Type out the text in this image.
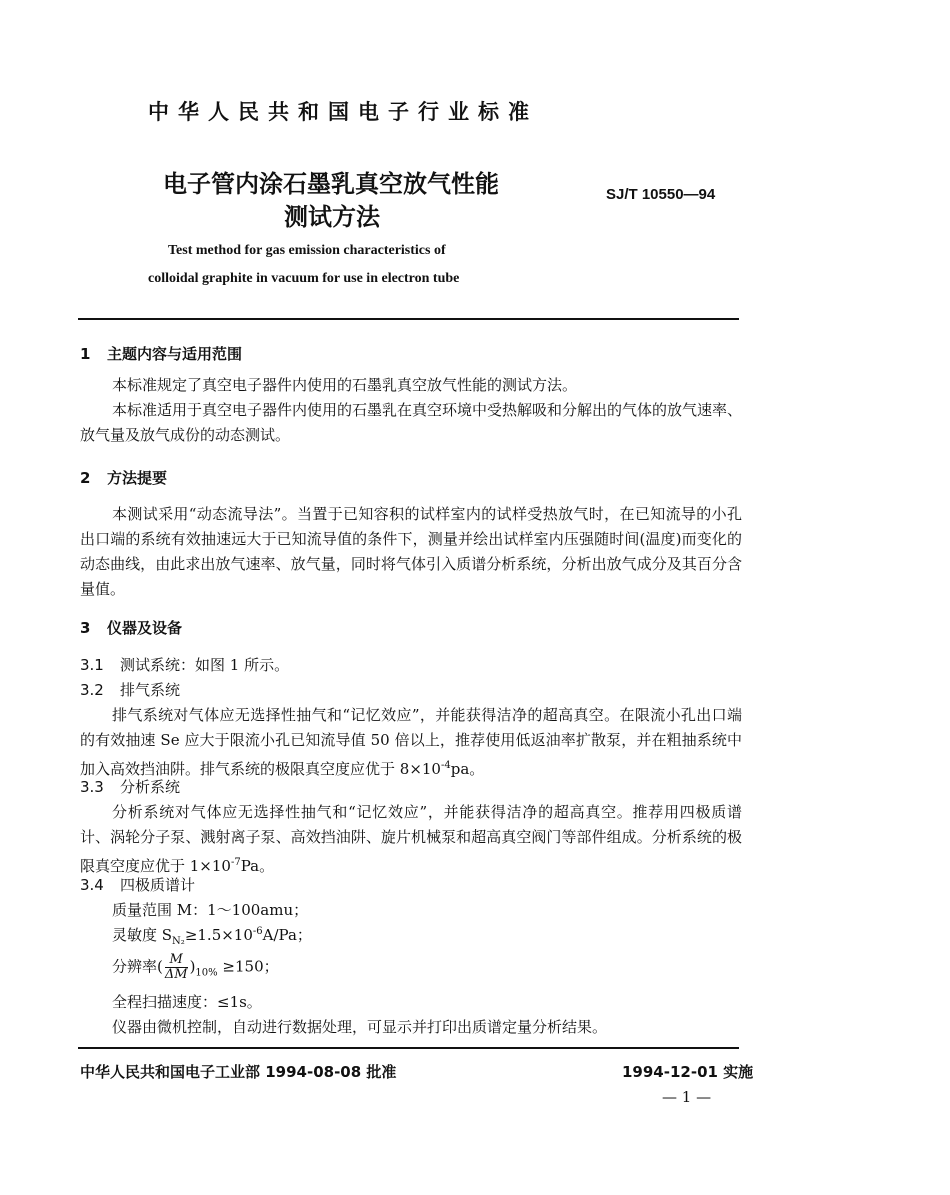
中华人民共和国电子行业标准
电子管内涂石墨乳真空放气性能
测试方法
SJ/T 10550—94
Test method for gas emission characteristics of
colloidal graphite in vacuum for use in electron tube
1 主题内容与适用范围
本标准规定了真空电子器件内使用的石墨乳真空放气性能的测试方法。
本标准适用于真空电子器件内使用的石墨乳在真空环境中受热解吸和分解出的气体的放气速率、放气量及放气成份的动态测试。
2 方法提要
本测试采用“动态流导法”。当置于已知容积的试样室内的试样受热放气时，在已知流导的小孔出口端的系统有效抽速远大于已知流导值的条件下，测量并绘出试样室内压强随时间(温度)而变化的动态曲线，由此求出放气速率、放气量，同时将气体引入质谱分析系统，分析出放气成分及其百分含量值。
3 仪器及设备
3.1 测试系统：如图 1 所示。
3.2 排气系统
排气系统对气体应无选择性抽气和“记忆效应”，并能获得洁净的超高真空。在限流小孔出口端的有效抽速 Se 应大于限流小孔已知流导值 50 倍以上，推荐使用低返油率扩散泵，并在粗抽系统中加入高效挡油阱。排气系统的极限真空度应优于 $8\times 10^{-4}pa$。
3.3 分析系统
分析系统对气体应无选择性抽气和“记忆效应”，并能获得洁净的超高真空。推荐用四极质谱计、涡轮分子泵、溅射离子泵、高效挡油阱、旋片机械泵和超高真空阀门等部件组成。分析系统的极限真空度应优于 $1\times 10^{-7}Pa$。
3.4 四极质谱计
质量范围 M：1～100amu；
灵敏度 $S_{N_2}\ge 1.5\times 10^{-6}A/Pa$；
分辨率( $\frac{M}{\Delta M} )_{10\%} \ge 150$；
全程扫描速度：≤1s。
仪器由微机控制，自动进行数据处理，可显示并打印出质谱定量分析结果。
中华人民共和国电子工业部 1994-08-08 批准	1994-12-01 实施
— 1 —
